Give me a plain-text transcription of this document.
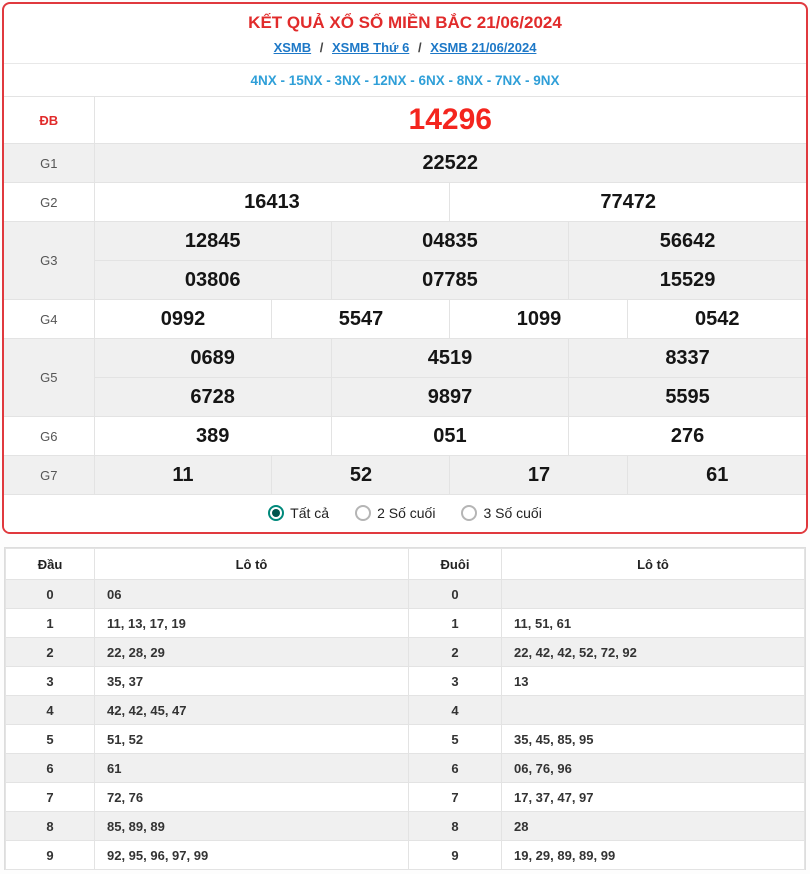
KẾT QUẢ XỔ SỐ MIỀN BẮC 21/06/2024
XSMB / XSMB Thứ 6 / XSMB 21/06/2024
4NX - 15NX - 3NX - 12NX - 6NX - 8NX - 7NX - 9NX
ĐB	14296					
G1	22522					
G2	16413			77472		
G3	12845		04835		56642	
	03806		07785		15529	
G4	0992	5547		1099		0542
G5	0689		4519		8337	
	6728		9897		5595	
G6	389		051		276	
G7	11	52		17		61
Tất cả	2 Số cuối	3 Số cuối
Đầu	Lô tô	Đuôi	Lô tô
0	06	0	
1	11, 13, 17, 19	1	11, 51, 61
2	22, 28, 29	2	22, 42, 42, 52, 72, 92
3	35, 37	3	13
4	42, 42, 45, 47	4	
5	51, 52	5	35, 45, 85, 95
6	61	6	06, 76, 96
7	72, 76	7	17, 37, 47, 97
8	85, 89, 89	8	28
9	92, 95, 96, 97, 99	9	19, 29, 89, 89, 99
